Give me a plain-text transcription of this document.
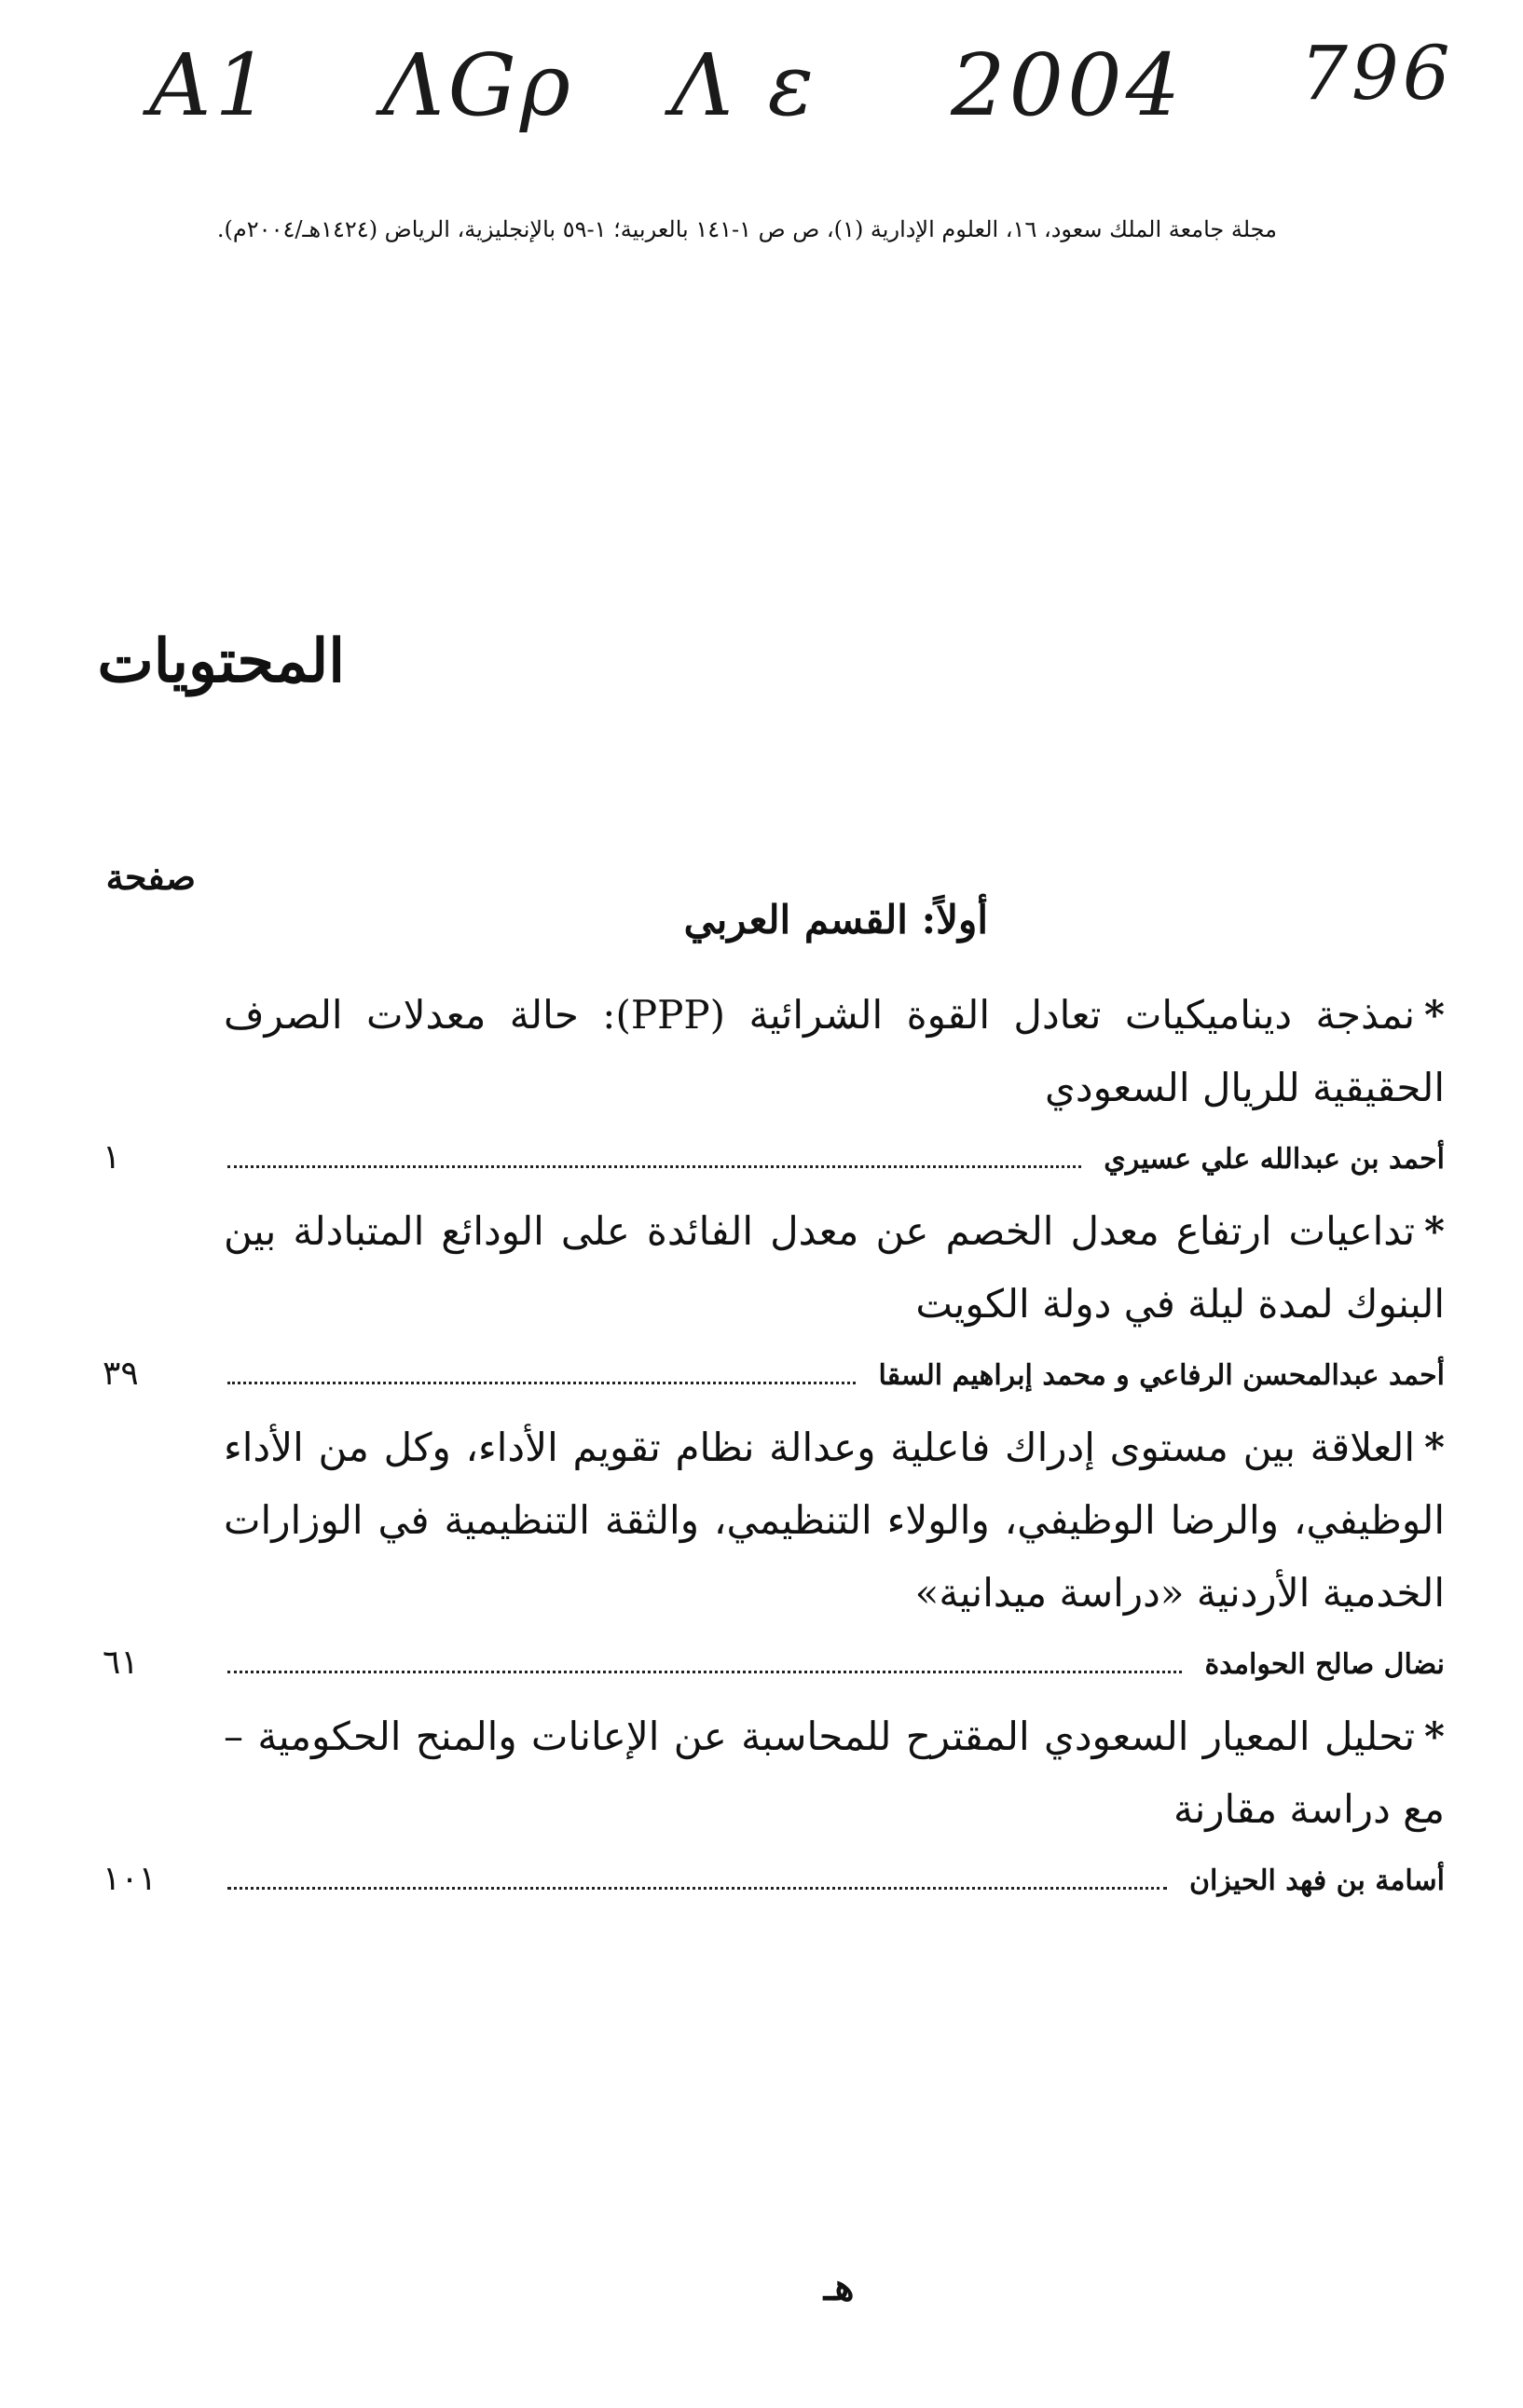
A1 ΛGρ Λ ε 2004 796
مجلة جامعة الملك سعود، ١٦، العلوم الإدارية (١)، ص ص ١-١٤١ بالعربية؛ ١-٥٩ بالإنجليزية، الرياض (١٤٢٤هـ/٢٠٠٤م).
المحتويات
صفحة
أولاً: القسم العربي
*نمذجة ديناميكيات تعادل القوة الشرائية (PPP): حالة معدلات الصرف الحقيقية للريال السعودي
أحمد بن عبدالله علي عسيري
١
*تداعيات ارتفاع معدل الخصم عن معدل الفائدة على الودائع المتبادلة بين البنوك لمدة ليلة في دولة الكويت
أحمد عبدالمحسن الرفاعي و محمد إبراهيم السقا
٣٩
*العلاقة بين مستوى إدراك فاعلية وعدالة نظام تقويم الأداء، وكل من الأداء الوظيفي، والرضا الوظيفي، والولاء التنظيمي، والثقة التنظيمية في الوزارات الخدمية الأردنية «دراسة ميدانية»
نضال صالح الحوامدة
٦١
*تحليل المعيار السعودي المقترح للمحاسبة عن الإعانات والمنح الحكومية – مع دراسة مقارنة
أسامة بن فهد الحيزان
١٠١
هـ
